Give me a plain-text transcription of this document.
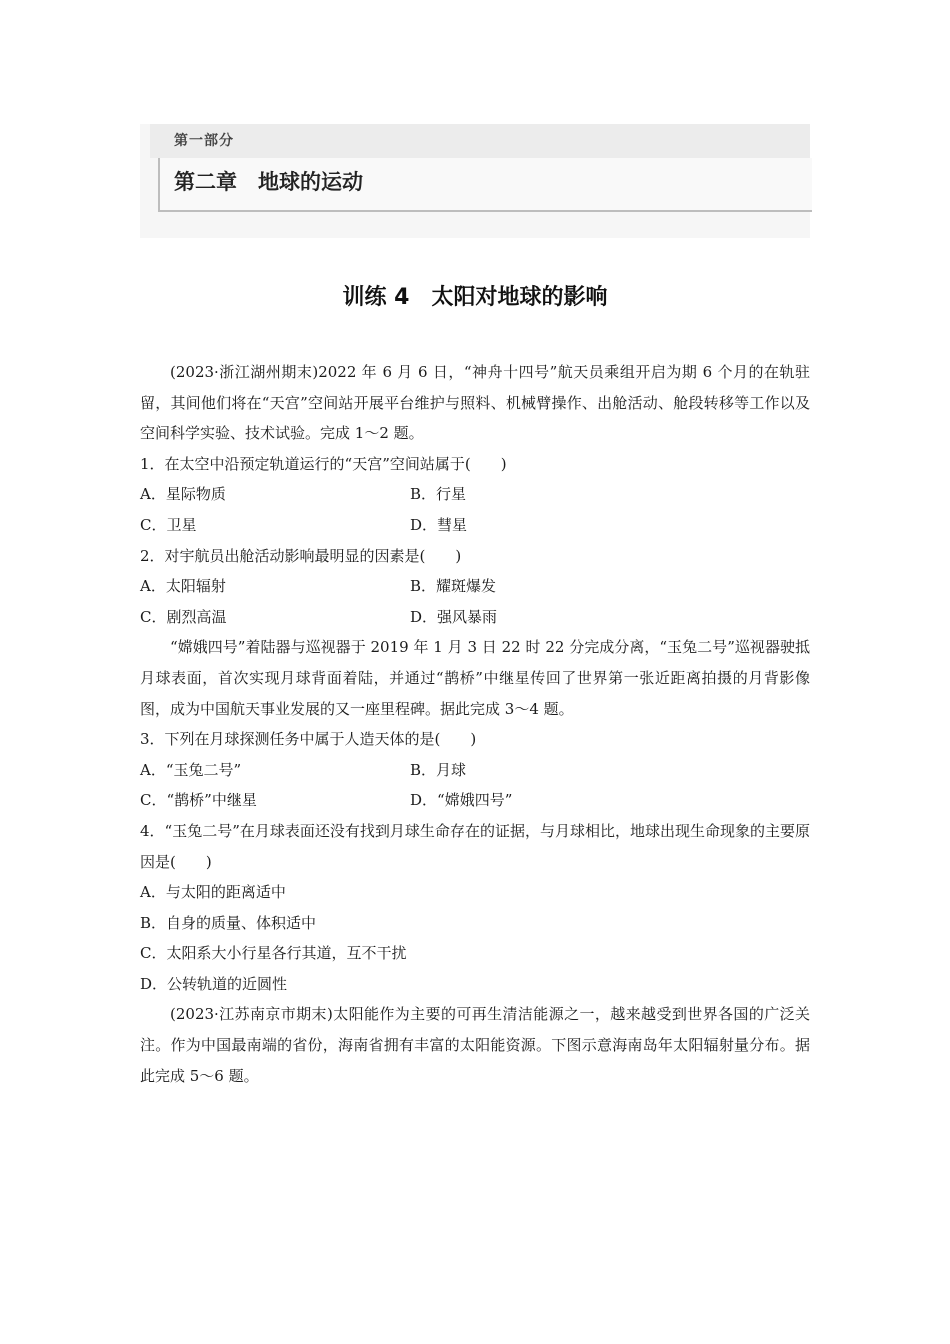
第一部分
第二章　地球的运动
训练 4　太阳对地球的影响

(2023·浙江湖州期末)2022 年 6 月 6 日，“神舟十四号”航天员乘组开启为期 6 个月的在轨驻留，其间他们将在“天宫”空间站开展平台维护与照料、机械臂操作、出舱活动、舱段转移等工作以及空间科学实验、技术试验。完成 1～2 题。

1．在太空中沿预定轨道运行的“天宫”空间站属于(　　)

A．星际物质	B．行星
C．卫星	D．彗星

2．对宇航员出舱活动影响最明显的因素是(　　)

A．太阳辐射	B．耀斑爆发
C．剧烈高温	D．强风暴雨

“嫦娥四号”着陆器与巡视器于 2019 年 1 月 3 日 22 时 22 分完成分离，“玉兔二号”巡视器驶抵月球表面，首次实现月球背面着陆，并通过“鹊桥”中继星传回了世界第一张近距离拍摄的月背影像图，成为中国航天事业发展的又一座里程碑。据此完成 3～4 题。

3．下列在月球探测任务中属于人造天体的是(　　)

A．“玉兔二号”	B．月球
C．“鹊桥”中继星	D．“嫦娥四号”

4．“玉兔二号”在月球表面还没有找到月球生命存在的证据，与月球相比，地球出现生命现象的主要原因是(　　)

A．与太阳的距离适中

B．自身的质量、体积适中

C．太阳系大小行星各行其道，互不干扰

D．公转轨道的近圆性

(2023·江苏南京市期末)太阳能作为主要的可再生清洁能源之一，越来越受到世界各国的广泛关注。作为中国最南端的省份，海南省拥有丰富的太阳能资源。下图示意海南岛年太阳辐射量分布。据此完成 5～6 题。
